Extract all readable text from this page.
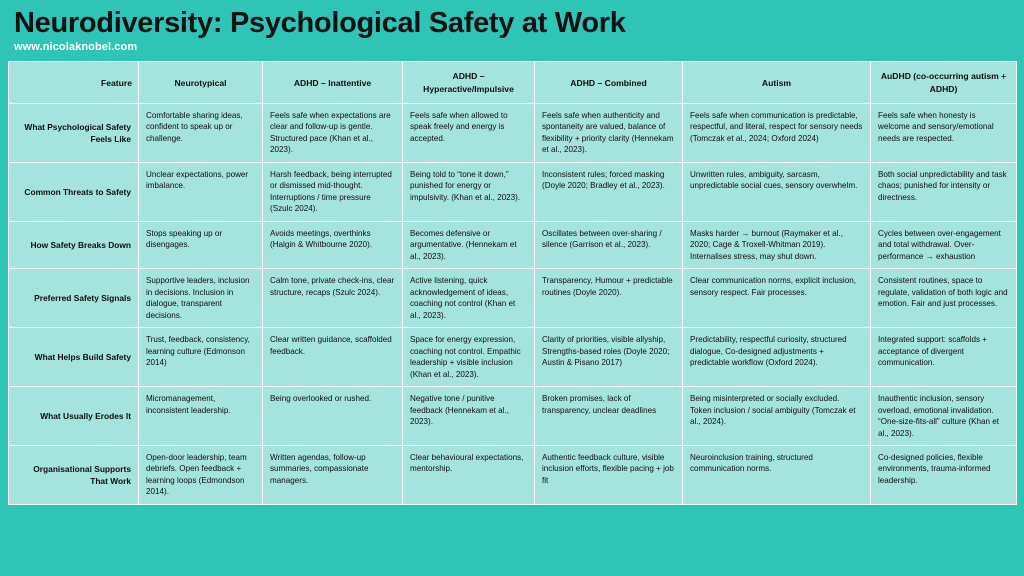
Neurodiversity: Psychological Safety at Work
www.nicolaknobel.com
Feature	Neurotypical	ADHD – Inattentive	ADHD – Hyperactive/Impulsive	ADHD – Combined	Autism	AuDHD (co-occurring autism + ADHD)
What Psychological Safety Feels Like	Comfortable sharing ideas, confident to speak up or challenge.	Feels safe when expectations are clear and follow-up is gentle. Structured pace (Khan et al., 2023).	Feels safe when allowed to speak freely and energy is accepted.	Feels safe when authenticity and spontaneity are valued, balance of flexibility + priority clarity (Hennekam et al., 2023).	Feels safe when communication is predictable, respectful, and literal, respect for sensory needs (Tomczak et al., 2024; Oxford 2024)	Feels safe when honesty is welcome and sensory/emotional needs are respected.
Common Threats to Safety	Unclear expectations, power imbalance.	Harsh feedback, being interrupted or dismissed mid-thought. Interruptions / time pressure (Szulc 2024).	Being told to “tone it down,” punished for energy or impulsivity. (Khan et al., 2023).	Inconsistent rules; forced masking (Doyle 2020; Bradley et al., 2023).	Unwritten rules, ambiguity, sarcasm, unpredictable social cues, sensory overwhelm.	Both social unpredictability and task chaos; punished for intensity or directness.
How Safety Breaks Down	Stops speaking up or disengages.	Avoids meetings, overthinks (Halgin & Whitbourne 2020).	Becomes defensive or argumentative. (Hennekam et al., 2023).	Oscillates between over-sharing / silence (Garrison et al., 2023).	Masks harder → burnout (Raymaker et al., 2020; Cage & Troxell-Whitman 2019). Internalises stress, may shut down.	Cycles between over-engagement and total withdrawal. Over-performance → exhaustion
Preferred Safety Signals	Supportive leaders, inclusion in decisions. Inclusion in dialogue, transparent decisions.	Calm tone, private check-ins, clear structure, recaps (Szulc 2024).	Active listening, quick acknowledgement of ideas, coaching not control (Khan et al., 2023).	Transparency, Humour + predictable routines (Doyle 2020).	Clear communication norms, explicit inclusion, sensory respect. Fair processes.	Consistent routines, space to regulate, validation of both logic and emotion. Fair and just processes.
What Helps Build Safety	Trust, feedback, consistency, learning culture (Edmonson 2014)	Clear written guidance, scaffolded feedback.	Space for energy expression, coaching not control. Empathic leadership + visible inclusion (Khan et al., 2023).	Clarity of priorities, visible allyship, Strengths-based roles (Doyle 2020; Austin & Pisano 2017)	Predictability, respectful curiosity, structured dialogue, Co-designed adjustments + predictable workflow (Oxford 2024).	Integrated support: scaffolds + acceptance of divergent communication.
What Usually Erodes It	Micromanagement, inconsistent leadership.	Being overlooked or rushed.	Negative tone / punitive feedback (Hennekam et al., 2023).	Broken promises, lack of transparency, unclear deadlines	Being misinterpreted or socially excluded. Token inclusion / social ambiguity (Tomczak et al., 2024).	Inauthentic inclusion, sensory overload, emotional invalidation. “One-size-fits-all” culture (Khan et al., 2023).
Organisational Supports That Work	Open-door leadership, team debriefs. Open feedback + learning loops (Edmondson 2014).	Written agendas, follow-up summaries, compassionate managers.	Clear behavioural expectations, mentorship.	Authentic feedback culture, visible inclusion efforts, flexible pacing + job fit	Neuroinclusion training, structured communication norms.	Co-designed policies, flexible environments, trauma-informed leadership.
